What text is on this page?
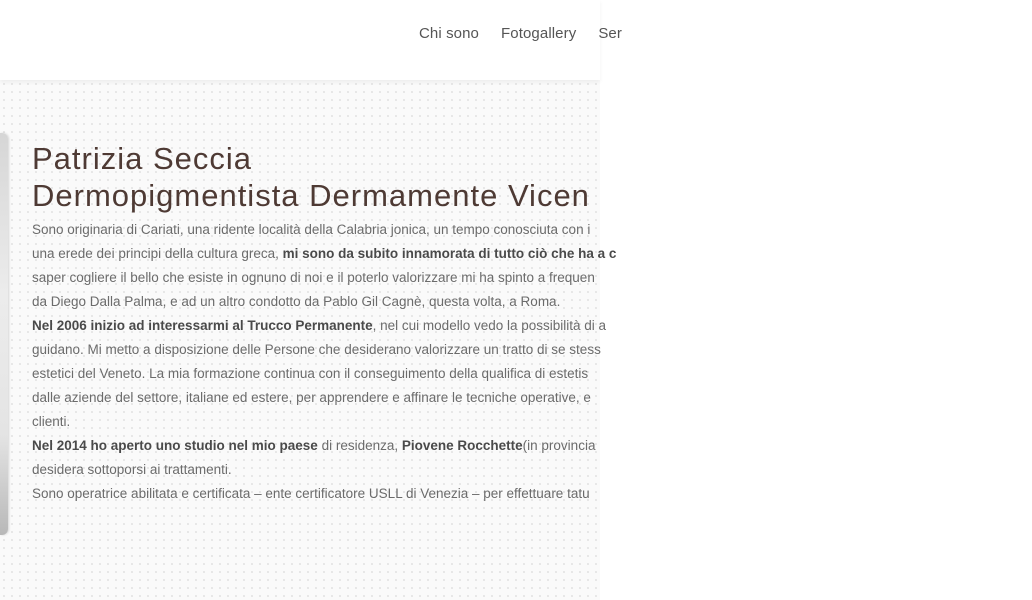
Chi sono Fotogallery Ser
Patrizia Seccia
Dermopigmentista Dermamente Vicen
Sono originaria di Cariati, una ridente località della Calabria jonica, un tempo conosciuta con i
una erede dei principi della cultura greca, mi sono da subito innamorata di tutto ciò che ha a c
saper cogliere il bello che esiste in ognuno di noi e il poterlo valorizzare mi ha spinto a frequen
da Diego Dalla Palma, e ad un altro condotto da Pablo Gil Cagnè, questa volta, a Roma.
Nel 2006 inizio ad interessarmi al Trucco Permanente, nel cui modello vedo la possibilità di a
guidano. Mi metto a disposizione delle Persone che desiderano valorizzare un tratto di se stess
estetici del Veneto. La mia formazione continua con il conseguimento della qualifica di estetis
dalle aziende del settore, italiane ed estere, per apprendere e affinare le tecniche operative, e
clienti.
Nel 2014 ho aperto uno studio nel mio paese di residenza, Piovene Rocchette(in provincia
desidera sottoporsi ai trattamenti.
Sono operatrice abilitata e certificata – ente certificatore USLL di Venezia – per effettuare tatu
